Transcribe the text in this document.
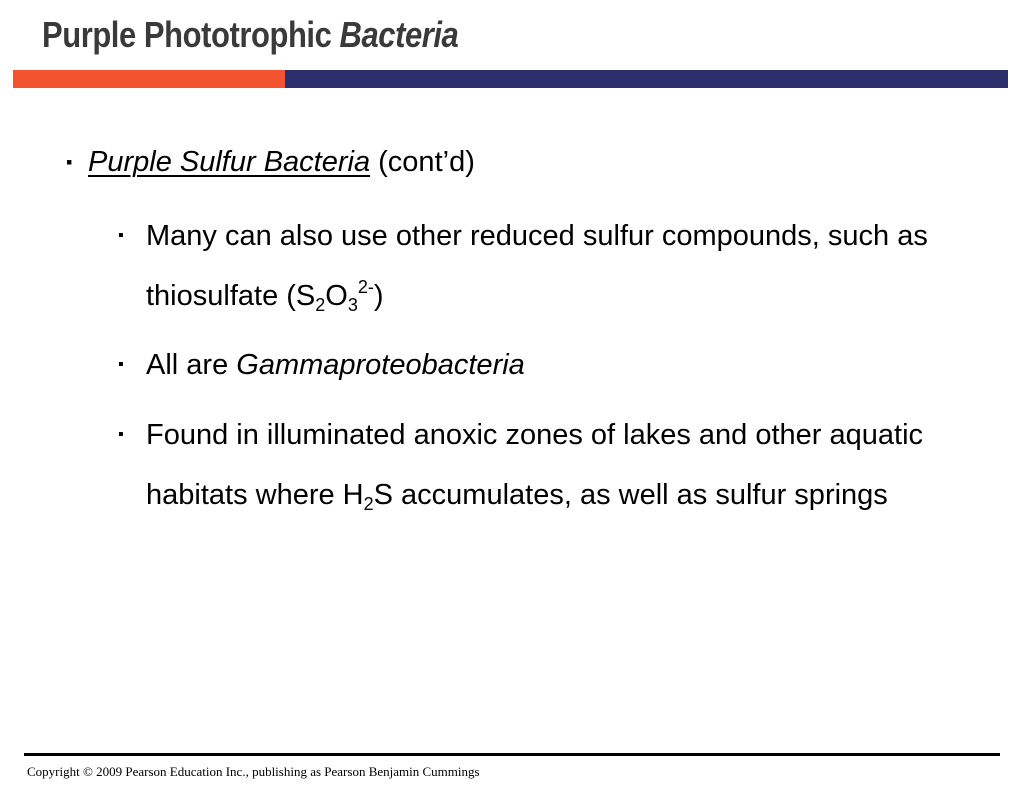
Purple Phototrophic Bacteria
▪ Purple Sulfur Bacteria (cont’d)
▪ Many can also use other reduced sulfur compounds, such as thiosulfate $(S_2O_3^{2-})$
▪ All are Gammaproteobacteria
▪ Found in illuminated anoxic zones of lakes and other aquatic habitats where $H_2S$ accumulates, as well as sulfur springs
Copyright © 2009 Pearson Education Inc., publishing as Pearson Benjamin Cummings
